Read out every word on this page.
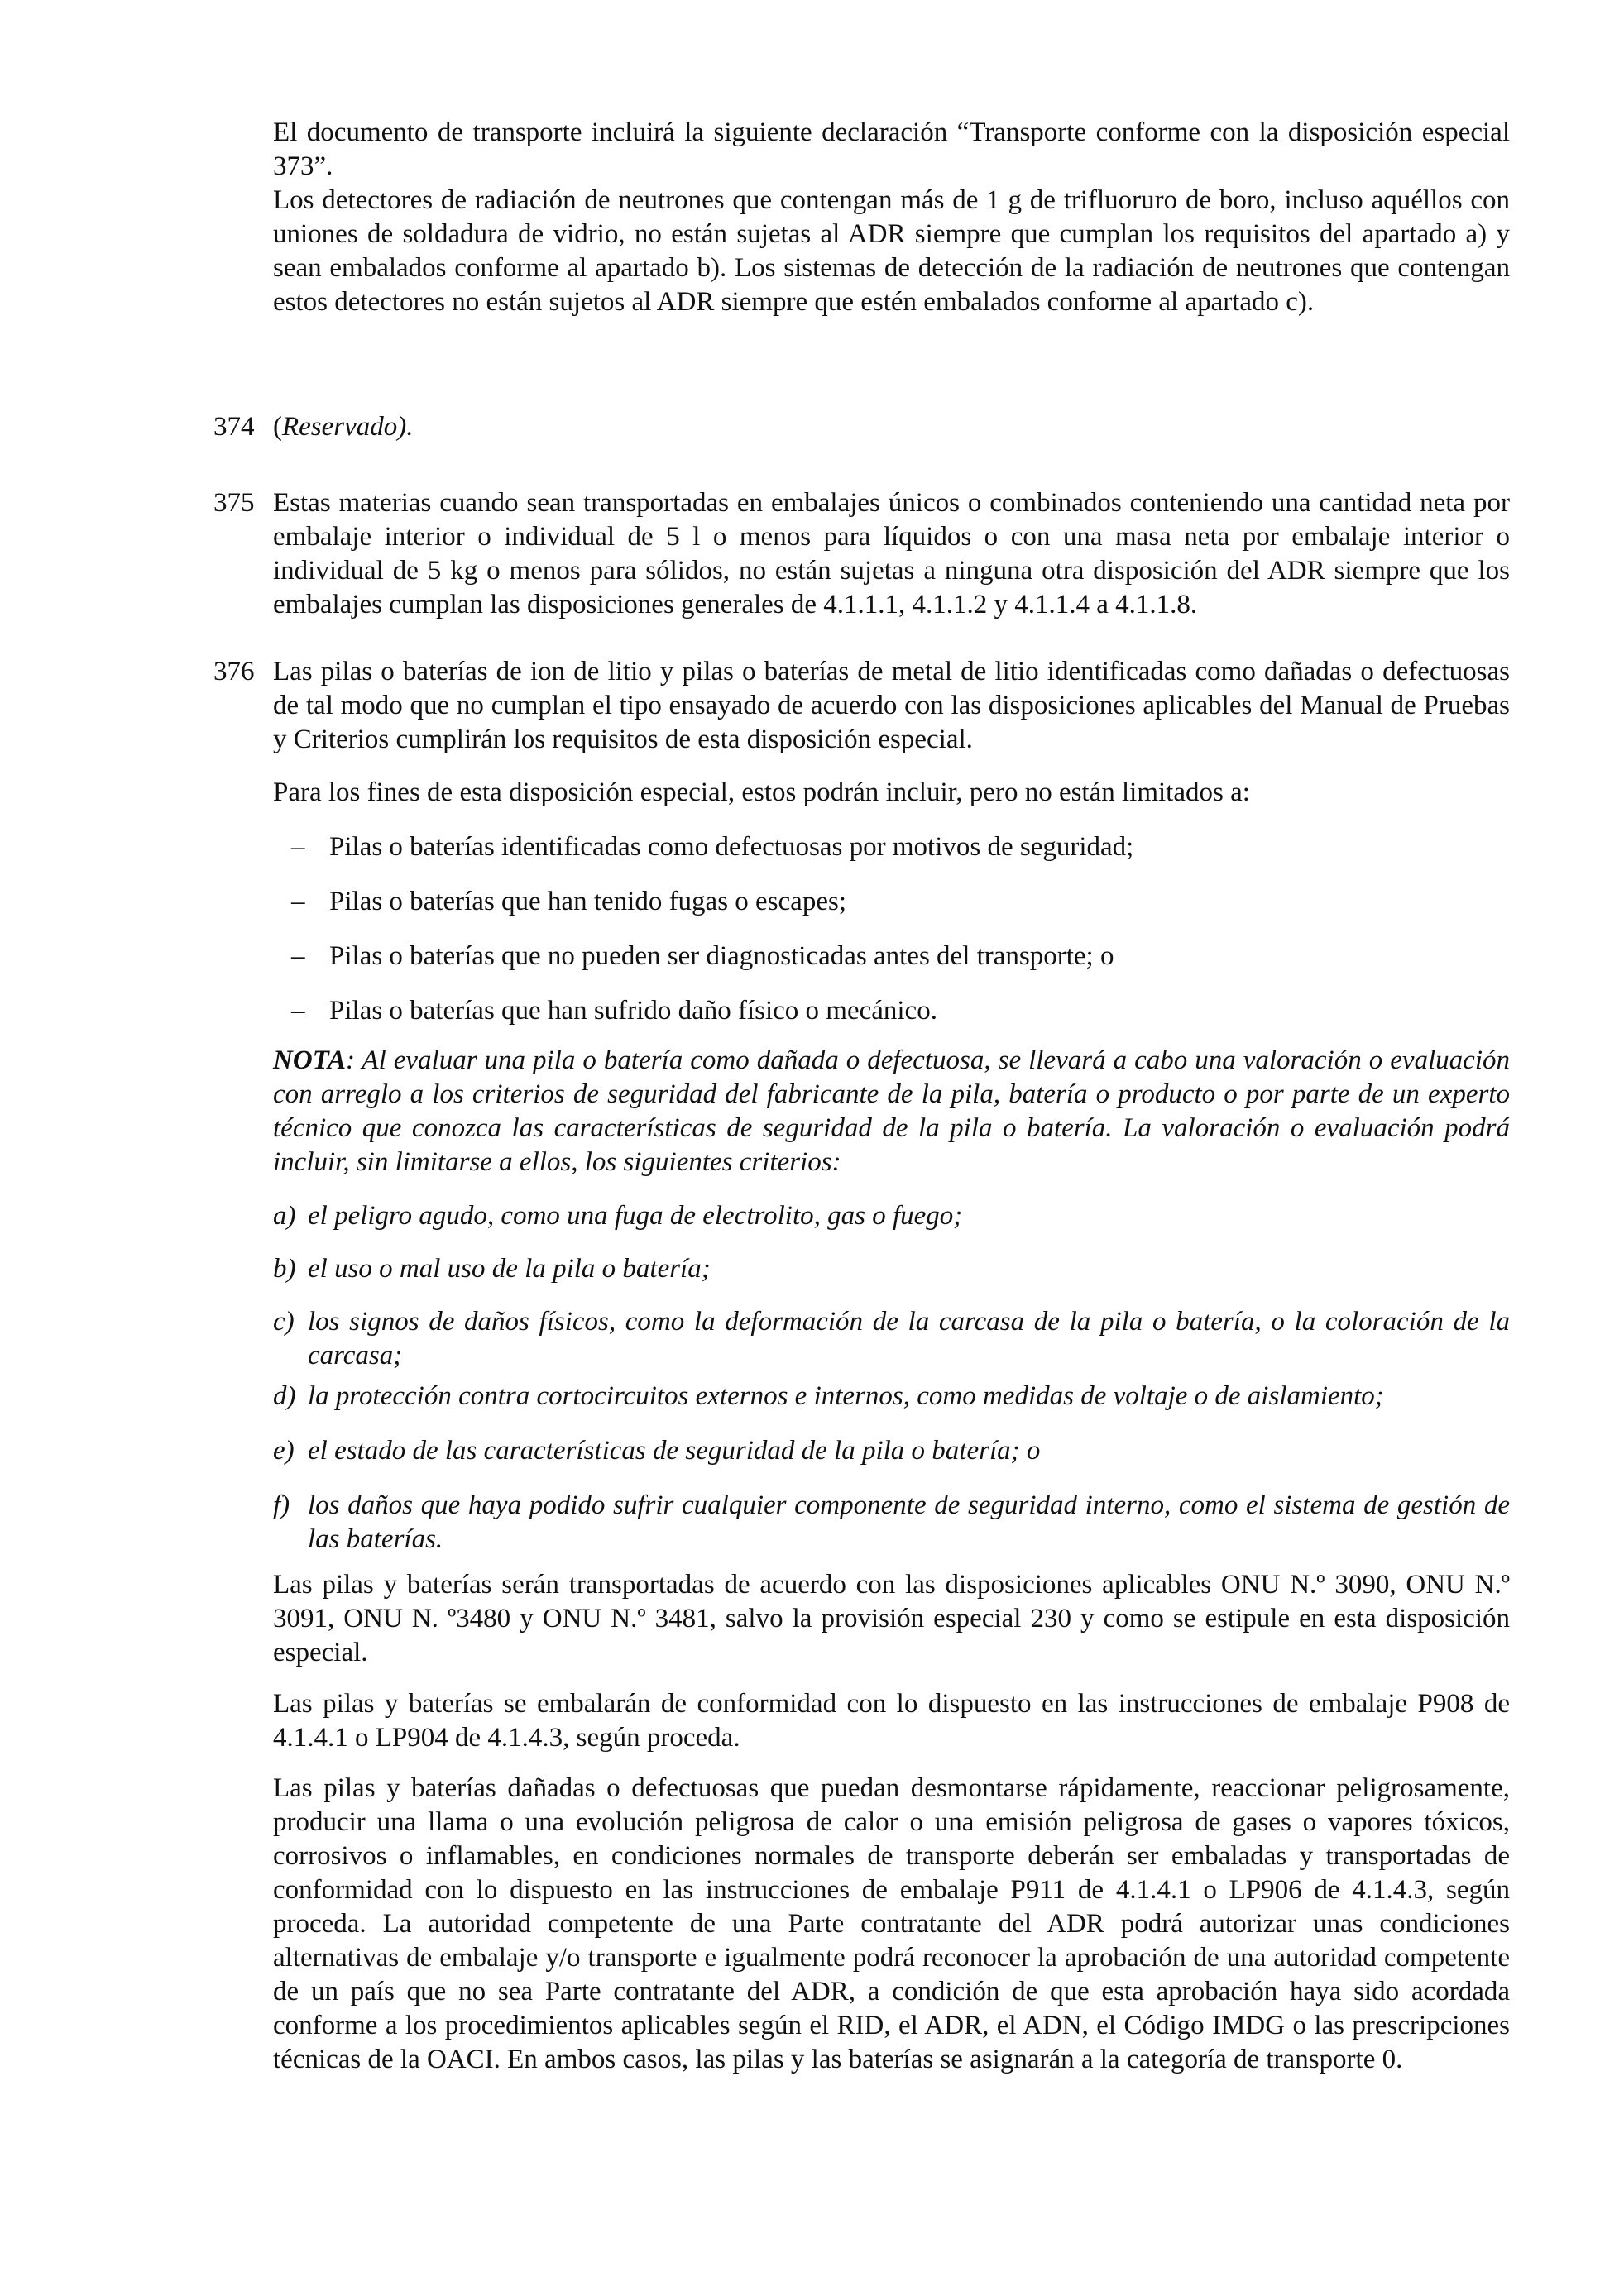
El documento de transporte incluirá la siguiente declaración “Transporte conforme con la disposición especial 373”.

Los detectores de radiación de neutrones que contengan más de 1 g de trifluoruro de boro, incluso aquéllos con uniones de soldadura de vidrio, no están sujetas al ADR siempre que cumplan los requisitos del apartado a) y sean embalados conforme al apartado b). Los sistemas de detección de la radiación de neutrones que contengan estos detectores no están sujetos al ADR siempre que estén embalados conforme al apartado c).

374 (Reservado).
375 Estas materias cuando sean transportadas en embalajes únicos o combinados conteniendo una cantidad neta por embalaje interior o individual de 5 l o menos para líquidos o con una masa neta por embalaje interior o individual de 5 kg o menos para sólidos, no están sujetas a ninguna otra disposición del ADR siempre que los embalajes cumplan las disposiciones generales de 4.1.1.1, 4.1.1.2 y 4.1.1.4 a 4.1.1.8.

376 Las pilas o baterías de ion de litio y pilas o baterías de metal de litio identificadas como dañadas o defectuosas de tal modo que no cumplan el tipo ensayado de acuerdo con las disposiciones aplicables del Manual de Pruebas y Criterios cumplirán los requisitos de esta disposición especial.

Para los fines de esta disposición especial, estos podrán incluir, pero no están limitados a:

– Pilas o baterías identificadas como defectuosas por motivos de seguridad;
– Pilas o baterías que han tenido fugas o escapes;
– Pilas o baterías que no pueden ser diagnosticadas antes del transporte; o
– Pilas o baterías que han sufrido daño físico o mecánico.

NOTA: Al evaluar una pila o batería como dañada o defectuosa, se llevará a cabo una valoración o evaluación con arreglo a los criterios de seguridad del fabricante de la pila, batería o producto o por parte de un experto técnico que conozca las características de seguridad de la pila o batería. La valoración o evaluación podrá incluir, sin limitarse a ellos, los siguientes criterios:

a) el peligro agudo, como una fuga de electrolito, gas o fuego;
b) el uso o mal uso de la pila o batería;
c) los signos de daños físicos, como la deformación de la carcasa de la pila o batería, o la coloración de la carcasa;
d) la protección contra cortocircuitos externos e internos, como medidas de voltaje o de aislamiento;
e) el estado de las características de seguridad de la pila o batería; o
f) los daños que haya podido sufrir cualquier componente de seguridad interno, como el sistema de gestión de las baterías.

Las pilas y baterías serán transportadas de acuerdo con las disposiciones aplicables ONU N.º 3090, ONU N.º 3091, ONU N. º3480 y ONU N.º 3481, salvo la provisión especial 230 y como se estipule en esta disposición especial.

Las pilas y baterías se embalarán de conformidad con lo dispuesto en las instrucciones de embalaje P908 de 4.1.4.1 o LP904 de 4.1.4.3, según proceda.

Las pilas y baterías dañadas o defectuosas que puedan desmontarse rápidamente, reaccionar peligrosamente, producir una llama o una evolución peligrosa de calor o una emisión peligrosa de gases o vapores tóxicos, corrosivos o inflamables, en condiciones normales de transporte deberán ser embaladas y transportadas de conformidad con lo dispuesto en las instrucciones de embalaje P911 de 4.1.4.1 o LP906 de 4.1.4.3, según proceda. La autoridad competente de una Parte contratante del ADR podrá autorizar unas condiciones alternativas de embalaje y/o transporte e igualmente podrá reconocer la aprobación de una autoridad competente de un país que no sea Parte contratante del ADR, a condición de que esta aprobación haya sido acordada conforme a los procedimientos aplicables según el RID, el ADR, el ADN, el Código IMDG o las prescripciones técnicas de la OACI. En ambos casos, las pilas y las baterías se asignarán a la categoría de transporte 0.
